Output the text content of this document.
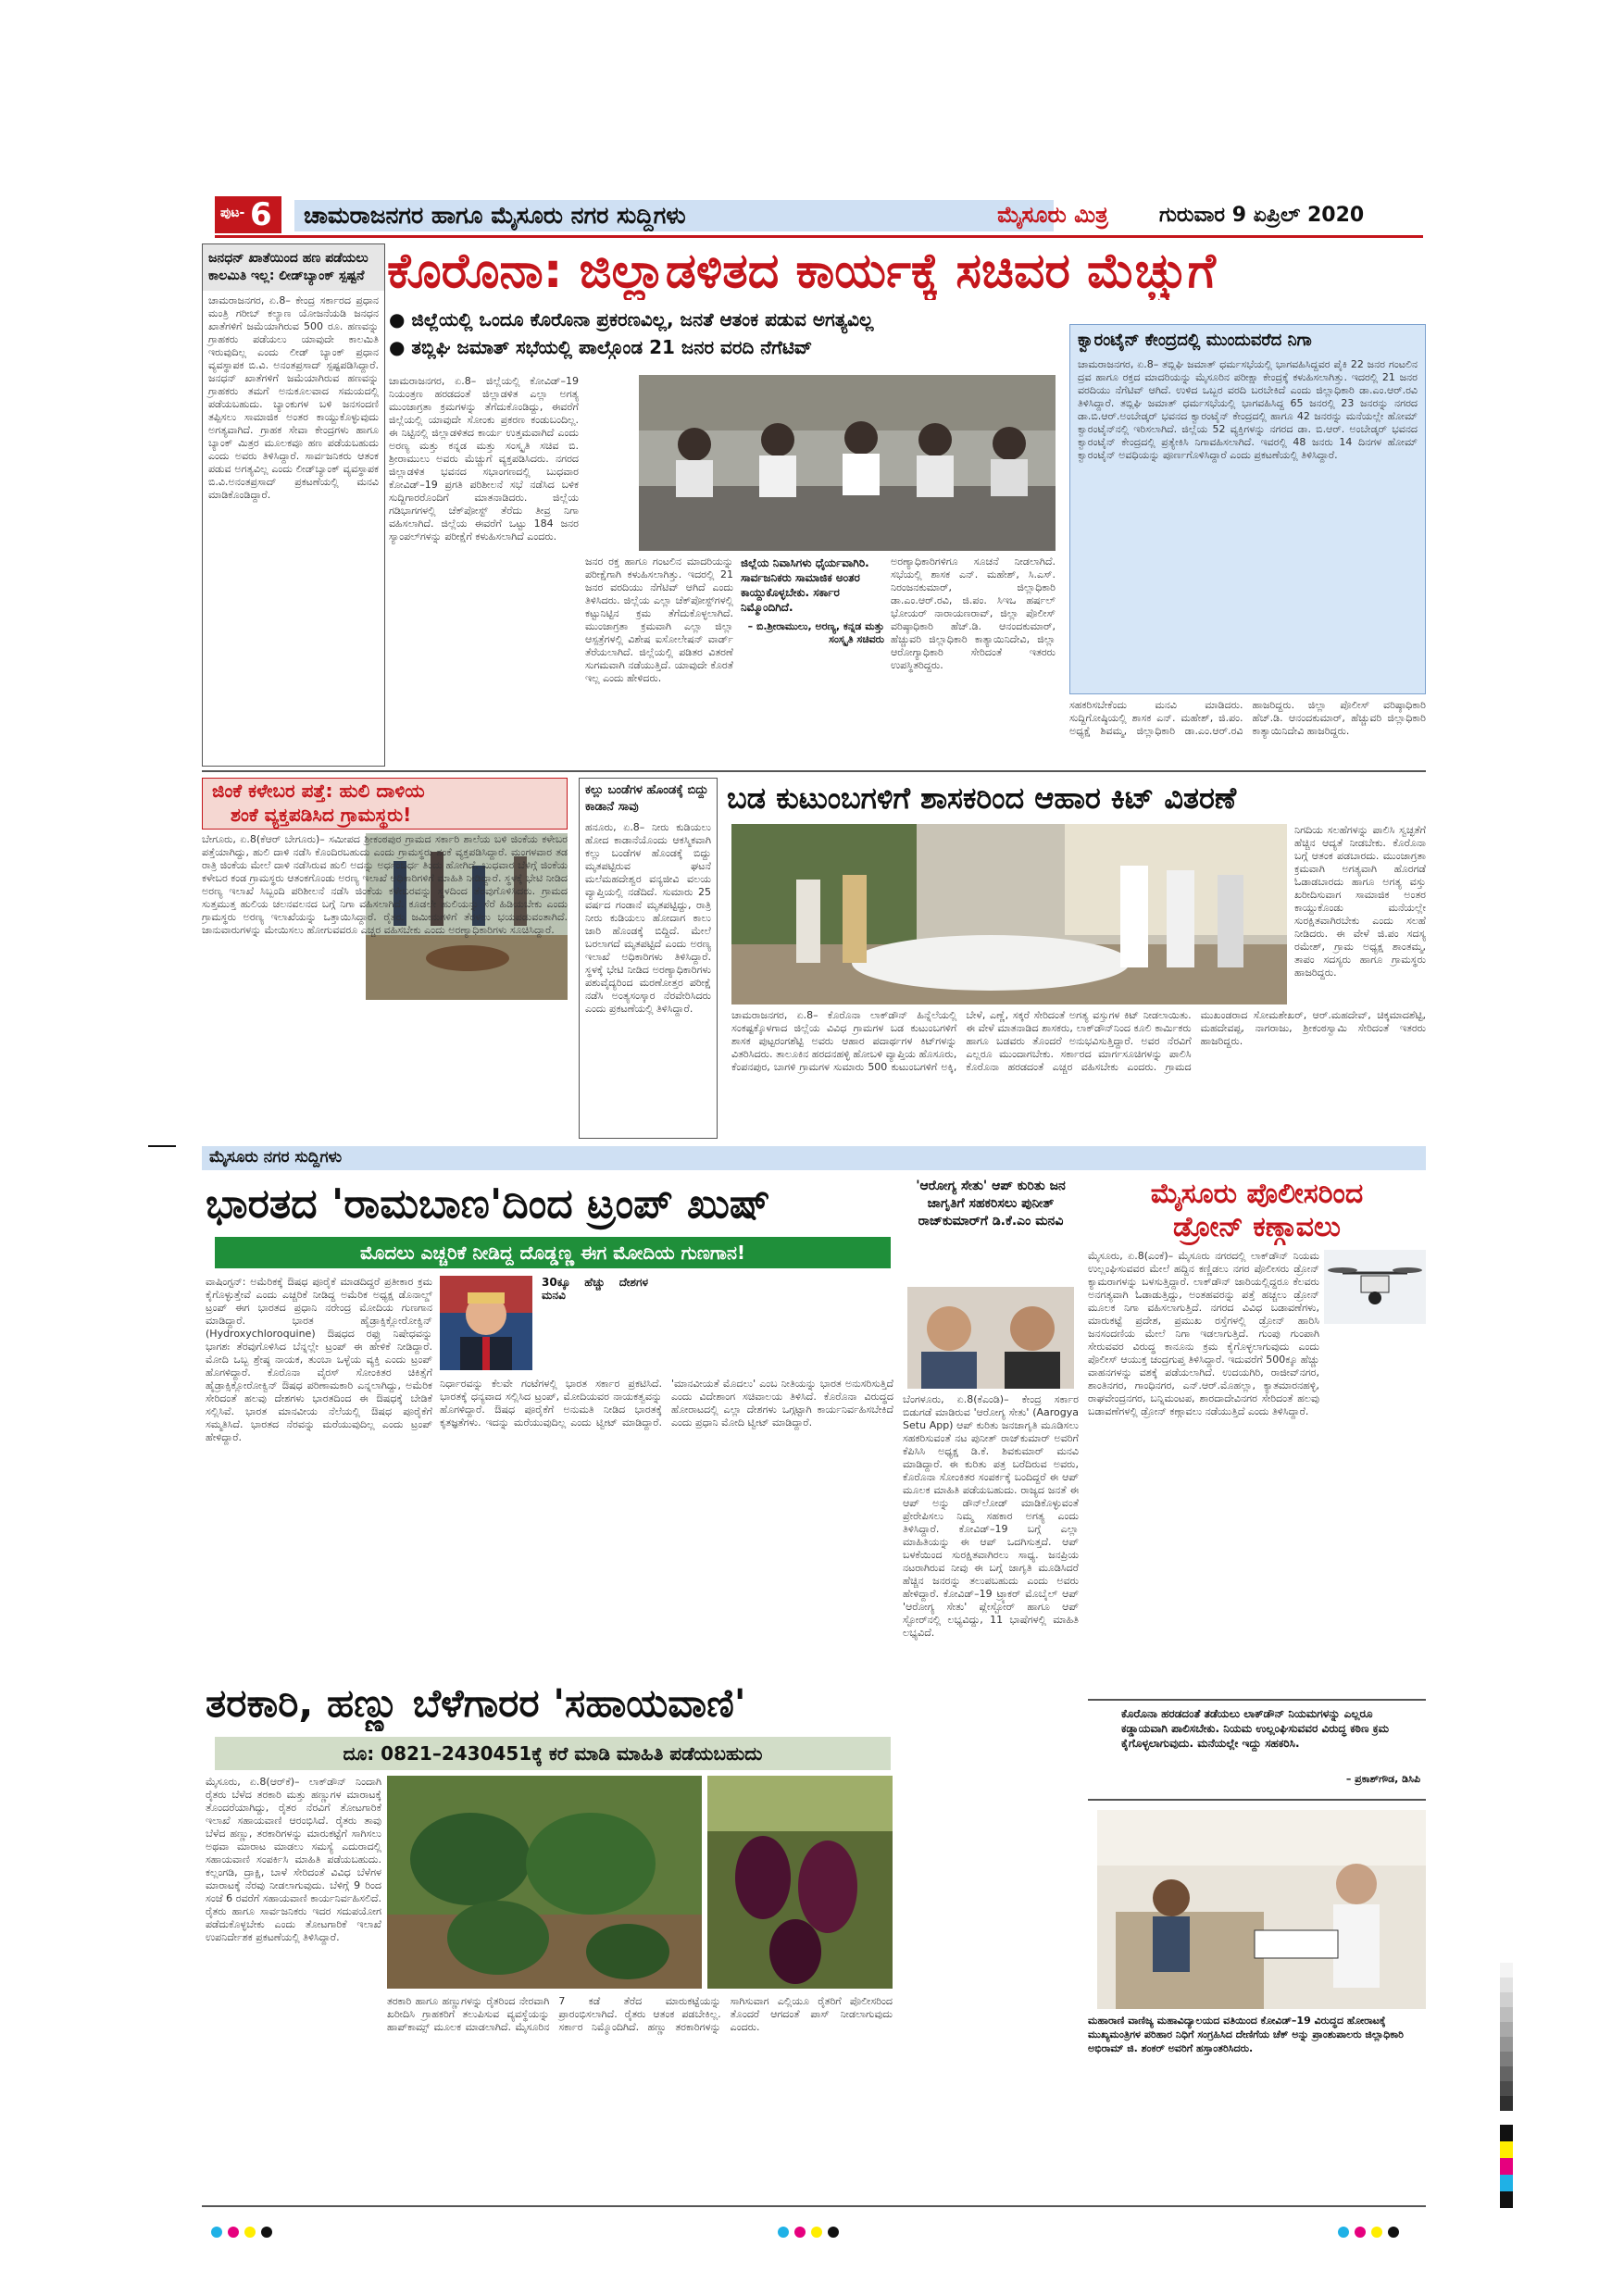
ಪುಟ- 6	ಚಾಮರಾಜನಗರ ಹಾಗೂ ಮೈಸೂರು ನಗರ ಸುದ್ದಿಗಳು	ಮೈಸೂರು ಮಿತ್ರ	ಗುರುವಾರ 9 ಏಪ್ರಿಲ್ 2020
ಜನಧನ್ ಖಾತೆಯಿಂದ ಹಣ ಪಡೆಯಲು ಕಾಲಮಿತಿ ಇಲ್ಲ: ಲೀಡ್‌ಬ್ಯಾಂಕ್ ಸ್ಪಷ್ಟನೆ
ಚಾಮರಾಜನಗರ, ಏ.8– ಕೇಂದ್ರ ಸರ್ಕಾರದ ಪ್ರಧಾನ ಮಂತ್ರಿ ಗರೀಬ್ ಕಲ್ಯಾಣ ಯೋಜನೆಯಡಿ ಜನಧನ ಖಾತೆಗಳಿಗೆ ಜಮೆಯಾಗಿರುವ 500 ರೂ. ಹಣವನ್ನು ಗ್ರಾಹಕರು ಪಡೆಯಲು ಯಾವುದೇ ಕಾಲಮಿತಿ ಇರುವುದಿಲ್ಲ ಎಂದು ಲೀಡ್ ಬ್ಯಾಂಕ್ ಪ್ರಧಾನ ವ್ಯವಸ್ಥಾಪಕ ಬಿ.ವಿ. ಅನಂತಪ್ರಸಾದ್ ಸ್ಪಷ್ಟಪಡಿಸಿದ್ದಾರೆ. ಜನಧನ್ ಖಾತೆಗಳಿಗೆ ಜಮೆಯಾಗಿರುವ ಹಣವನ್ನು ಗ್ರಾಹಕರು ತಮಗೆ ಅನುಕೂಲವಾದ ಸಮಯದಲ್ಲಿ ಪಡೆಯಬಹುದು. ಬ್ಯಾಂಕುಗಳ ಬಳಿ ಜನಸಂದಣಿ ತಪ್ಪಿಸಲು ಸಾಮಾಜಿಕ ಅಂತರ ಕಾಯ್ದುಕೊಳ್ಳುವುದು ಅಗತ್ಯವಾಗಿದೆ. ಗ್ರಾಹಕ ಸೇವಾ ಕೇಂದ್ರಗಳು ಹಾಗೂ ಬ್ಯಾಂಕ್ ಮಿತ್ರರ ಮೂಲಕವೂ ಹಣ ಪಡೆಯಬಹುದು ಎಂದು ಅವರು ತಿಳಿಸಿದ್ದಾರೆ. ಸಾರ್ವಜನಿಕರು ಆತಂಕ ಪಡುವ ಅಗತ್ಯವಿಲ್ಲ ಎಂದು ಲೀಡ್‌ಬ್ಯಾಂಕ್ ವ್ಯವಸ್ಥಾಪಕ ಬಿ.ವಿ.ಅನಂತಪ್ರಸಾದ್ ಪ್ರಕಟಣೆಯಲ್ಲಿ ಮನವಿ ಮಾಡಿಕೊಂಡಿದ್ದಾರೆ.
ಕೊರೊನಾ: ಜಿಲ್ಲಾಡಳಿತದ ಕಾರ್ಯಕ್ಕೆ ಸಚಿವರ ಮೆಚ್ಚುಗೆ
● ಜಿಲ್ಲೆಯಲ್ಲಿ ಒಂದೂ ಕೊರೊನಾ ಪ್ರಕರಣವಿಲ್ಲ, ಜನತೆ ಆತಂಕ ಪಡುವ ಅಗತ್ಯವಿಲ್ಲ
● ತಬ್ಲಿಘಿ ಜಮಾತ್ ಸಭೆಯಲ್ಲಿ ಪಾಲ್ಗೊಂಡ 21 ಜನರ ವರದಿ ನೆಗೆಟಿವ್
ಚಾಮರಾಜನಗರ, ಏ.8– ಜಿಲ್ಲೆಯಲ್ಲಿ ಕೋವಿಡ್–19 ನಿಯಂತ್ರಣ ಹರಡದಂತೆ ಜಿಲ್ಲಾಡಳಿತ ಎಲ್ಲಾ ಅಗತ್ಯ ಮುಂಜಾಗ್ರತಾ ಕ್ರಮಗಳನ್ನು ತೆಗೆದುಕೊಂಡಿದ್ದು, ಈವರೆಗೆ ಜಿಲ್ಲೆಯಲ್ಲಿ ಯಾವುದೇ ಸೋಂಕು ಪ್ರಕರಣ ಕಂಡುಬಂದಿಲ್ಲ. ಈ ನಿಟ್ಟಿನಲ್ಲಿ ಜಿಲ್ಲಾಡಳಿತದ ಕಾರ್ಯ ಉತ್ತಮವಾಗಿದೆ ಎಂದು ಅರಣ್ಯ ಮತ್ತು ಕನ್ನಡ ಮತ್ತು ಸಂಸ್ಕೃತಿ ಸಚಿವ ಬಿ. ಶ್ರೀರಾಮುಲು ಅವರು ಮೆಚ್ಚುಗೆ ವ್ಯಕ್ತಪಡಿಸಿದರು. ನಗರದ ಜಿಲ್ಲಾಡಳಿತ ಭವನದ ಸಭಾಂಗಣದಲ್ಲಿ ಬುಧವಾರ ಕೋವಿಡ್–19 ಪ್ರಗತಿ ಪರಿಶೀಲನೆ ಸಭೆ ನಡೆಸಿದ ಬಳಿಕ ಸುದ್ದಿಗಾರರೊಂದಿಗೆ ಮಾತನಾಡಿದರು. ಜಿಲ್ಲೆಯ ಗಡಿಭಾಗಗಳಲ್ಲಿ ಚೆಕ್‌ಪೋಸ್ಟ್ ತೆರೆದು ತೀವ್ರ ನಿಗಾ ವಹಿಸಲಾಗಿದೆ. ಜಿಲ್ಲೆಯ ಈವರೆಗೆ ಒಟ್ಟು 184 ಜನರ ಸ್ಯಾಂಪಲ್‌ಗಳನ್ನು ಪರೀಕ್ಷೆಗೆ ಕಳುಹಿಸಲಾಗಿದೆ ಎಂದರು.
ಜನರ ರಕ್ತ ಹಾಗೂ ಗಂಟಲಿನ ಮಾದರಿಯನ್ನು ಪರೀಕ್ಷೆಗಾಗಿ ಕಳುಹಿಸಲಾಗಿತ್ತು. ಇದರಲ್ಲಿ 21 ಜನರ ವರದಿಯು ನೆಗೆಟಿವ್ ಆಗಿದೆ ಎಂದು ತಿಳಿಸಿದರು. ಜಿಲ್ಲೆಯ ಎಲ್ಲಾ ಚೆಕ್‌ಪೋಸ್ಟ್‌ಗಳಲ್ಲಿ ಕಟ್ಟುನಿಟ್ಟಿನ ಕ್ರಮ ತೆಗೆದುಕೊಳ್ಳಲಾಗಿದೆ. ಮುಂಜಾಗ್ರತಾ ಕ್ರಮವಾಗಿ ಎಲ್ಲಾ ಜಿಲ್ಲಾ ಆಸ್ಪತ್ರೆಗಳಲ್ಲಿ ವಿಶೇಷ ಐಸೋಲೇಷನ್ ವಾರ್ಡ್ ತೆರೆಯಲಾಗಿದೆ. ಜಿಲ್ಲೆಯಲ್ಲಿ ಪಡಿತರ ವಿತರಣೆ ಸುಗಮವಾಗಿ ನಡೆಯುತ್ತಿದೆ. ಯಾವುದೇ ಕೊರತೆ ಇಲ್ಲ ಎಂದು ಹೇಳಿದರು.
ಜಿಲ್ಲೆಯ ನಿವಾಸಿಗಳು ಧೈರ್ಯವಾಗಿರಿ. ಸಾರ್ವಜನಿಕರು ಸಾಮಾಜಿಕ ಅಂತರ ಕಾಯ್ದುಕೊಳ್ಳಬೇಕು. ಸರ್ಕಾರ ನಿಮ್ಮೊಂದಿಗಿದೆ.
– ಬಿ.ಶ್ರೀರಾಮುಲು, ಅರಣ್ಯ, ಕನ್ನಡ ಮತ್ತು ಸಂಸ್ಕೃತಿ ಸಚಿವರು
ಅರಣ್ಯಾಧಿಕಾರಿಗಳಿಗೂ ಸೂಚನೆ ನೀಡಲಾಗಿದೆ. ಸಭೆಯಲ್ಲಿ ಶಾಸಕ ಎನ್. ಮಹೇಶ್, ಸಿ.ಎಸ್. ನಿರಂಜನಕುಮಾರ್, ಜಿಲ್ಲಾಧಿಕಾರಿ ಡಾ.ಎಂ.ಆರ್.ರವಿ, ಜಿ.ಪಂ. ಸಿಇಒ ಹರ್ಷಲ್ ಭೋಯರ್ ನಾರಾಯಣರಾವ್, ಜಿಲ್ಲಾ ಪೊಲೀಸ್ ವರಿಷ್ಠಾಧಿಕಾರಿ ಹೆಚ್.ಡಿ. ಆನಂದಕುಮಾರ್, ಹೆಚ್ಚುವರಿ ಜಿಲ್ಲಾಧಿಕಾರಿ ಕಾತ್ಯಾಯಿನಿದೇವಿ, ಜಿಲ್ಲಾ ಆರೋಗ್ಯಾಧಿಕಾರಿ ಸೇರಿದಂತೆ ಇತರರು ಉಪಸ್ಥಿತರಿದ್ದರು.
ಕ್ವಾರಂಟೈನ್ ಕೇಂದ್ರದಲ್ಲಿ ಮುಂದುವರೆದ ನಿಗಾ
ಚಾಮರಾಜನಗರ, ಏ.8– ತಬ್ಲಿಘಿ ಜಮಾತ್ ಧರ್ಮಸಭೆಯಲ್ಲಿ ಭಾಗವಹಿಸಿದ್ದವರ ಪೈಕಿ 22 ಜನರ ಗಂಟಲಿನ ದ್ರವ ಹಾಗೂ ರಕ್ತದ ಮಾದರಿಯನ್ನು ಮೈಸೂರಿನ ಪರೀಕ್ಷಾ ಕೇಂದ್ರಕ್ಕೆ ಕಳುಹಿಸಲಾಗಿತ್ತು. ಇದರಲ್ಲಿ 21 ಜನರ ವರದಿಯು ನೆಗೆಟಿವ್ ಆಗಿದೆ. ಉಳಿದ ಒಬ್ಬರ ವರದಿ ಬರಬೇಕಿದೆ ಎಂದು ಜಿಲ್ಲಾಧಿಕಾರಿ ಡಾ.ಎಂ.ಆರ್.ರವಿ ತಿಳಿಸಿದ್ದಾರೆ. ತಬ್ಲಿಘಿ ಜಮಾತ್ ಧರ್ಮಸಭೆಯಲ್ಲಿ ಭಾಗವಹಿಸಿದ್ದ 65 ಜನರಲ್ಲಿ 23 ಜನರನ್ನು ನಗರದ ಡಾ.ಬಿ.ಆರ್.ಅಂಬೇಡ್ಕರ್ ಭವನದ ಕ್ವಾರಂಟೈನ್ ಕೇಂದ್ರದಲ್ಲಿ ಹಾಗೂ 42 ಜನರನ್ನು ಮನೆಯಲ್ಲೇ ಹೋಮ್ ಕ್ವಾರಂಟೈನ್‌ನಲ್ಲಿ ಇರಿಸಲಾಗಿದೆ. ಜಿಲ್ಲೆಯ 52 ವ್ಯಕ್ತಿಗಳನ್ನು ನಗರದ ಡಾ. ಬಿ.ಆರ್. ಅಂಬೇಡ್ಕರ್ ಭವನದ ಕ್ವಾರಂಟೈನ್ ಕೇಂದ್ರದಲ್ಲಿ ಪ್ರತ್ಯೇಕಿಸಿ ನಿಗಾವಹಿಸಲಾಗಿದೆ. ಇವರಲ್ಲಿ 48 ಜನರು 14 ದಿನಗಳ ಹೋಮ್ ಕ್ವಾರಂಟೈನ್ ಅವಧಿಯನ್ನು ಪೂರ್ಣಗೊಳಿಸಿದ್ದಾರೆ ಎಂದು ಪ್ರಕಟಣೆಯಲ್ಲಿ ತಿಳಿಸಿದ್ದಾರೆ.
ಸಹಕರಿಸಬೇಕೆಂದು ಮನವಿ ಮಾಡಿದರು. ಸುದ್ದಿಗೋಷ್ಠಿಯಲ್ಲಿ ಶಾಸಕ ಎನ್. ಮಹೇಶ್, ಜಿ.ಪಂ. ಅಧ್ಯಕ್ಷೆ ಶಿವಮ್ಮ, ಜಿಲ್ಲಾಧಿಕಾರಿ ಡಾ.ಎಂ.ಆರ್.ರವಿ ಹಾಜರಿದ್ದರು. ಜಿಲ್ಲಾ ಪೊಲೀಸ್ ವರಿಷ್ಠಾಧಿಕಾರಿ ಹೆಚ್.ಡಿ. ಆನಂದಕುಮಾರ್, ಹೆಚ್ಚುವರಿ ಜಿಲ್ಲಾಧಿಕಾರಿ ಕಾತ್ಯಾಯಿನಿದೇವಿ ಹಾಜರಿದ್ದರು.
ಜಿಂಕೆ ಕಳೇಬರ ಪತ್ತೆ: ಹುಲಿ ದಾಳಿಯ
ಶಂಕೆ ವ್ಯಕ್ತಪಡಿಸಿದ ಗ್ರಾಮಸ್ಥರು!
ಬೇಗೂರು, ಏ.8(ಕೆಆರ್ ಬೇಗೂರು)– ಸಮೀಪದ ಶ್ರೀಕಂಠಪುರ ಗ್ರಾಮದ ಸರ್ಕಾರಿ ಶಾಲೆಯ ಬಳಿ ಜಿಂಕೆಯ ಕಳೇಬರ ಪತ್ತೆಯಾಗಿದ್ದು, ಹುಲಿ ದಾಳಿ ನಡೆಸಿ ಕೊಂದಿರಬಹುದು ಎಂದು ಗ್ರಾಮಸ್ಥರು ಶಂಕೆ ವ್ಯಕ್ತಪಡಿಸಿದ್ದಾರೆ. ಮಂಗಳವಾರ ತಡ ರಾತ್ರಿ ಜಿಂಕೆಯ ಮೇಲೆ ದಾಳಿ ನಡೆಸಿರುವ ಹುಲಿ ಅದನ್ನು ಅರ್ಧಂಬರ್ಧ ತಿಂದು ಹೋಗಿದೆ. ಬುಧವಾರ ಬೆಳಿಗ್ಗೆ ಜಿಂಕೆಯ ಕಳೇಬರ ಕಂಡ ಗ್ರಾಮಸ್ಥರು ಆತಂಕಗೊಂಡು ಅರಣ್ಯ ಇಲಾಖೆ ಅಧಿಕಾರಿಗಳಿಗೆ ಮಾಹಿತಿ ನೀಡಿದ್ದಾರೆ. ಸ್ಥಳಕ್ಕೆ ಭೇಟಿ ನೀಡಿದ ಅರಣ್ಯ ಇಲಾಖೆ ಸಿಬ್ಬಂದಿ ಪರಿಶೀಲನೆ ನಡೆಸಿ ಜಿಂಕೆಯ ಕಳೇಬರವನ್ನು ಸ್ಥಳದಿಂದ ತೆರವುಗೊಳಿಸಿದರು. ಗ್ರಾಮದ ಸುತ್ತಮುತ್ತ ಹುಲಿಯ ಚಲನವಲನದ ಬಗ್ಗೆ ನಿಗಾ ವಹಿಸಲಾಗಿದೆ. ಕೂಡಲೇ ಹುಲಿಯನ್ನು ಸೆರೆ ಹಿಡಿಯಬೇಕು ಎಂದು ಗ್ರಾಮಸ್ಥರು ಅರಣ್ಯ ಇಲಾಖೆಯನ್ನು ಒತ್ತಾಯಿಸಿದ್ದಾರೆ. ರೈತರು ಜಮೀನುಗಳಿಗೆ ತೆರಳಲು ಭಯಪಡುವಂತಾಗಿದೆ. ಜಾನುವಾರುಗಳನ್ನು ಮೇಯಿಸಲು ಹೋಗುವವರೂ ಎಚ್ಚರ ವಹಿಸಬೇಕು ಎಂದು ಅರಣ್ಯಾಧಿಕಾರಿಗಳು ಸೂಚಿಸಿದ್ದಾರೆ.
ಕಲ್ಲು ಬಂಡೆಗಳ ಹೊಂಡಕ್ಕೆ ಬಿದ್ದು ಕಾಡಾನೆ ಸಾವು
ಹನೂರು, ಏ.8– ನೀರು ಕುಡಿಯಲು ಹೋದ ಕಾಡಾನೆಯೊಂದು ಆಕಸ್ಮಿಕವಾಗಿ ಕಲ್ಲು ಬಂಡೆಗಳ ಹೊಂಡಕ್ಕೆ ಬಿದ್ದು ಮೃತಪಟ್ಟಿರುವ ಘಟನೆ ಮಲೆಮಹದೇಶ್ವರ ವನ್ಯಜೀವಿ ವಲಯ ವ್ಯಾಪ್ತಿಯಲ್ಲಿ ನಡೆದಿದೆ. ಸುಮಾರು 25 ವರ್ಷದ ಗಂಡಾನೆ ಮೃತಪಟ್ಟಿದ್ದು, ರಾತ್ರಿ ನೀರು ಕುಡಿಯಲು ಹೋದಾಗ ಕಾಲು ಜಾರಿ ಹೊಂಡಕ್ಕೆ ಬಿದ್ದಿದೆ. ಮೇಲೆ ಬರಲಾಗದೆ ಮೃತಪಟ್ಟಿದೆ ಎಂದು ಅರಣ್ಯ ಇಲಾಖೆ ಅಧಿಕಾರಿಗಳು ತಿಳಿಸಿದ್ದಾರೆ. ಸ್ಥಳಕ್ಕೆ ಭೇಟಿ ನೀಡಿದ ಅರಣ್ಯಾಧಿಕಾರಿಗಳು ಪಶುವೈದ್ಯರಿಂದ ಮರಣೋತ್ತರ ಪರೀಕ್ಷೆ ನಡೆಸಿ ಅಂತ್ಯಸಂಸ್ಕಾರ ನೆರವೇರಿಸಿದರು ಎಂದು ಪ್ರಕಟಣೆಯಲ್ಲಿ ತಿಳಿಸಿದ್ದಾರೆ.
ಬಡ ಕುಟುಂಬಗಳಿಗೆ ಶಾಸಕರಿಂದ ಆಹಾರ ಕಿಟ್ ವಿತರಣೆ
ನಿಗದಿಯ ಸಲಹೆಗಳನ್ನು ಪಾಲಿಸಿ ಸ್ವಚ್ಛತೆಗೆ ಹೆಚ್ಚಿನ ಆದ್ಯತೆ ನೀಡಬೇಕು. ಕೊರೊನಾ ಬಗ್ಗೆ ಆತಂಕ ಪಡಬಾರದು. ಮುಂಜಾಗ್ರತಾ ಕ್ರಮವಾಗಿ ಅಗತ್ಯವಾಗಿ ಹೊರಗಡೆ ಓಡಾಡಬಾರದು ಹಾಗೂ ಅಗತ್ಯ ವಸ್ತು ಖರೀದಿಸುವಾಗ ಸಾಮಾಜಿಕ ಅಂತರ ಕಾಯ್ದುಕೊಂಡು ಮನೆಯಲ್ಲೇ ಸುರಕ್ಷಿತವಾಗಿರಬೇಕು ಎಂದು ಸಲಹೆ ನೀಡಿದರು. ಈ ವೇಳೆ ಜಿ.ಪಂ ಸದಸ್ಯ ರಮೇಶ್, ಗ್ರಾಮ ಅಧ್ಯಕ್ಷ ಶಾಂತಮ್ಮ, ತಾಪಂ ಸದಸ್ಯರು ಹಾಗೂ ಗ್ರಾಮಸ್ಥರು ಹಾಜರಿದ್ದರು.
ಚಾಮರಾಜನಗರ, ಏ.8– ಕೊರೊನಾ ಲಾಕ್‌ಡೌನ್ ಹಿನ್ನೆಲೆಯಲ್ಲಿ ಸಂಕಷ್ಟಕ್ಕೊಳಗಾದ ಜಿಲ್ಲೆಯ ವಿವಿಧ ಗ್ರಾಮಗಳ ಬಡ ಕುಟುಂಬಗಳಿಗೆ ಶಾಸಕ ಪುಟ್ಟರಂಗಶೆಟ್ಟಿ ಅವರು ಆಹಾರ ಪದಾರ್ಥಗಳ ಕಿಟ್‌ಗಳನ್ನು ವಿತರಿಸಿದರು. ತಾಲೂಕಿನ ಹರದನಹಳ್ಳಿ ಹೋಬಳಿ ವ್ಯಾಪ್ತಿಯ ಹೊಸೂರು, ಕೆಂಪನಪುರ, ಬಾಗಳಿ ಗ್ರಾಮಗಳ ಸುಮಾರು 500 ಕುಟುಂಬಗಳಿಗೆ ಅಕ್ಕಿ, ಬೇಳೆ, ಎಣ್ಣೆ, ಸಕ್ಕರೆ ಸೇರಿದಂತೆ ಅಗತ್ಯ ವಸ್ತುಗಳ ಕಿಟ್ ನೀಡಲಾಯಿತು. ಈ ವೇಳೆ ಮಾತನಾಡಿದ ಶಾಸಕರು, ಲಾಕ್‌ಡೌನ್‌ನಿಂದ ಕೂಲಿ ಕಾರ್ಮಿಕರು ಹಾಗೂ ಬಡವರು ತೊಂದರೆ ಅನುಭವಿಸುತ್ತಿದ್ದಾರೆ. ಅವರ ನೆರವಿಗೆ ಎಲ್ಲರೂ ಮುಂದಾಗಬೇಕು. ಸರ್ಕಾರದ ಮಾರ್ಗಸೂಚಿಗಳನ್ನು ಪಾಲಿಸಿ ಕೊರೊನಾ ಹರಡದಂತೆ ಎಚ್ಚರ ವಹಿಸಬೇಕು ಎಂದರು. ಗ್ರಾಮದ ಮುಖಂಡರಾದ ಸೋಮಶೇಖರ್, ಆರ್.ಮಹದೇವ್, ಚಿಕ್ಕಮಾದಶೆಟ್ಟಿ, ಮಹದೇವಪ್ಪ, ನಾಗರಾಜು, ಶ್ರೀಕಂಠಸ್ವಾಮಿ ಸೇರಿದಂತೆ ಇತರರು ಹಾಜರಿದ್ದರು.
ಮೈಸೂರು ನಗರ ಸುದ್ದಿಗಳು
ಭಾರತದ 'ರಾಮಬಾಣ'ದಿಂದ ಟ್ರಂಪ್ ಖುಷ್
ಮೊದಲು ಎಚ್ಚರಿಕೆ ನೀಡಿದ್ದ ದೊಡ್ಡಣ್ಣ ಈಗ ಮೋದಿಯ ಗುಣಗಾನ!
ವಾಷಿಂಗ್ಟನ್: ಅಮೆರಿಕಕ್ಕೆ ಔಷಧ ಪೂರೈಕೆ ಮಾಡದಿದ್ದರೆ ಪ್ರತೀಕಾರ ಕ್ರಮ ಕೈಗೊಳ್ಳುತ್ತೇವೆ ಎಂದು ಎಚ್ಚರಿಕೆ ನೀಡಿದ್ದ ಅಮೆರಿಕ ಅಧ್ಯಕ್ಷ ಡೊನಾಲ್ಡ್ ಟ್ರಂಪ್ ಈಗ ಭಾರತದ ಪ್ರಧಾನಿ ನರೇಂದ್ರ ಮೋದಿಯ ಗುಣಗಾನ ಮಾಡಿದ್ದಾರೆ. ಭಾರತ ಹೈಡ್ರಾಕ್ಸಿಕ್ಲೋರೋಕ್ವಿನ್ (Hydroxychloroquine) ಔಷಧದ ರಫ್ತು ನಿಷೇಧವನ್ನು ಭಾಗಶಃ ತೆರವುಗೊಳಿಸಿದ ಬೆನ್ನಲ್ಲೇ ಟ್ರಂಪ್ ಈ ಹೇಳಿಕೆ ನೀಡಿದ್ದಾರೆ. ಮೋದಿ ಒಬ್ಬ ಶ್ರೇಷ್ಠ ನಾಯಕ, ತುಂಬಾ ಒಳ್ಳೆಯ ವ್ಯಕ್ತಿ ಎಂದು ಟ್ರಂಪ್ ಹೊಗಳಿದ್ದಾರೆ. ಕೊರೊನಾ ವೈರಸ್ ಸೋಂಕಿತರ ಚಿಕಿತ್ಸೆಗೆ ಹೈಡ್ರಾಕ್ಸಿಕ್ಲೋರೋಕ್ವಿನ್ ಔಷಧ ಪರಿಣಾಮಕಾರಿ ಎನ್ನಲಾಗಿದ್ದು, ಅಮೆರಿಕ ಸೇರಿದಂತೆ ಹಲವು ದೇಶಗಳು ಭಾರತದಿಂದ ಈ ಔಷಧಕ್ಕೆ ಬೇಡಿಕೆ ಸಲ್ಲಿಸಿವೆ. ಭಾರತ ಮಾನವೀಯ ನೆಲೆಯಲ್ಲಿ ಔಷಧ ಪೂರೈಕೆಗೆ ಸಮ್ಮತಿಸಿದೆ. ಭಾರತದ ನೆರವನ್ನು ಮರೆಯುವುದಿಲ್ಲ ಎಂದು ಟ್ರಂಪ್ ಹೇಳಿದ್ದಾರೆ.
30ಕ್ಕೂ ಹೆಚ್ಚು ದೇಶಗಳ ಮನವಿ
ನಿರ್ಧಾರವನ್ನು ಕೆಲವೇ ಗಂಟೆಗಳಲ್ಲಿ ಭಾರತ ಸರ್ಕಾರ ಪ್ರಕಟಿಸಿದೆ. ಭಾರತಕ್ಕೆ ಧನ್ಯವಾದ ಸಲ್ಲಿಸಿದ ಟ್ರಂಪ್, ಮೋದಿಯವರ ನಾಯಕತ್ವವನ್ನು ಹೊಗಳಿದ್ದಾರೆ. ಔಷಧ ಪೂರೈಕೆಗೆ ಅನುಮತಿ ನೀಡಿದ ಭಾರತಕ್ಕೆ ಕೃತಜ್ಞತೆಗಳು. ಇದನ್ನು ಮರೆಯುವುದಿಲ್ಲ ಎಂದು ಟ್ವೀಟ್ ಮಾಡಿದ್ದಾರೆ. 'ಮಾನವೀಯತೆ ಮೊದಲು' ಎಂಬ ನೀತಿಯನ್ನು ಭಾರತ ಅನುಸರಿಸುತ್ತಿದೆ ಎಂದು ವಿದೇಶಾಂಗ ಸಚಿವಾಲಯ ತಿಳಿಸಿದೆ. ಕೊರೊನಾ ವಿರುದ್ಧದ ಹೋರಾಟದಲ್ಲಿ ಎಲ್ಲಾ ದೇಶಗಳು ಒಗ್ಗಟ್ಟಾಗಿ ಕಾರ್ಯನಿರ್ವಹಿಸಬೇಕಿದೆ ಎಂದು ಪ್ರಧಾನಿ ಮೋದಿ ಟ್ವೀಟ್ ಮಾಡಿದ್ದಾರೆ.
'ಆರೋಗ್ಯ ಸೇತು' ಆಪ್ ಕುರಿತು ಜನ ಜಾಗೃತಿಗೆ ಸಹಕರಿಸಲು ಪುನೀತ್ ರಾಜ್‌ಕುಮಾರ್‌ಗೆ ಡಿ.ಕೆ.ಎಂ ಮನವಿ
ಬೆಂಗಳೂರು, ಏ.8(ಕೆಎಂಡಿ)– ಕೇಂದ್ರ ಸರ್ಕಾರ ಬಿಡುಗಡೆ ಮಾಡಿರುವ 'ಆರೋಗ್ಯ ಸೇತು' (Aarogya Setu App) ಆಪ್ ಕುರಿತು ಜನಜಾಗೃತಿ ಮೂಡಿಸಲು ಸಹಕರಿಸುವಂತೆ ನಟ ಪುನೀತ್ ರಾಜ್‌ಕುಮಾರ್ ಅವರಿಗೆ ಕೆಪಿಸಿಸಿ ಅಧ್ಯಕ್ಷ ಡಿ.ಕೆ. ಶಿವಕುಮಾರ್ ಮನವಿ ಮಾಡಿದ್ದಾರೆ. ಈ ಕುರಿತು ಪತ್ರ ಬರೆದಿರುವ ಅವರು, ಕೊರೊನಾ ಸೋಂಕಿತರ ಸಂಪರ್ಕಕ್ಕೆ ಬಂದಿದ್ದರೆ ಈ ಆಪ್ ಮೂಲಕ ಮಾಹಿತಿ ಪಡೆಯಬಹುದು. ರಾಜ್ಯದ ಜನತೆ ಈ ಆಪ್ ಅನ್ನು ಡೌನ್‌ಲೋಡ್ ಮಾಡಿಕೊಳ್ಳುವಂತೆ ಪ್ರೇರೇಪಿಸಲು ನಿಮ್ಮ ಸಹಕಾರ ಅಗತ್ಯ ಎಂದು ತಿಳಿಸಿದ್ದಾರೆ. ಕೋವಿಡ್–19 ಬಗ್ಗೆ ಎಲ್ಲಾ ಮಾಹಿತಿಯನ್ನು ಈ ಆಪ್ ಒದಗಿಸುತ್ತದೆ. ಆಪ್ ಬಳಕೆಯಿಂದ ಸುರಕ್ಷಿತವಾಗಿರಲು ಸಾಧ್ಯ. ಜನಪ್ರಿಯ ನಟರಾಗಿರುವ ನೀವು ಈ ಬಗ್ಗೆ ಜಾಗೃತಿ ಮೂಡಿಸಿದರೆ ಹೆಚ್ಚಿನ ಜನರನ್ನು ತಲುಪಬಹುದು ಎಂದು ಅವರು ಹೇಳಿದ್ದಾರೆ. ಕೋವಿಡ್–19 ಟ್ರ್ಯಾಕರ್ ಮೊಬೈಲ್ ಆಪ್ 'ಆರೋಗ್ಯ ಸೇತು' ಪ್ಲೇಸ್ಟೋರ್ ಹಾಗೂ ಆಪ್ ಸ್ಟೋರ್‌ನಲ್ಲಿ ಲಭ್ಯವಿದ್ದು, 11 ಭಾಷೆಗಳಲ್ಲಿ ಮಾಹಿತಿ ಲಭ್ಯವಿದೆ.
ಮೈಸೂರು ಪೊಲೀಸರಿಂದ
ಡ್ರೋನ್ ಕಣ್ಗಾವಲು
ಮೈಸೂರು, ಏ.8(ಎಂಕೆ)– ಮೈಸೂರು ನಗರದಲ್ಲಿ ಲಾಕ್‌ಡೌನ್ ನಿಯಮ ಉಲ್ಲಂಘಿಸುವವರ ಮೇಲೆ ಹದ್ದಿನ ಕಣ್ಣಿಡಲು ನಗರ ಪೊಲೀಸರು ಡ್ರೋನ್ ಕ್ಯಾಮರಾಗಳನ್ನು ಬಳಸುತ್ತಿದ್ದಾರೆ. ಲಾಕ್‌ಡೌನ್ ಜಾರಿಯಲ್ಲಿದ್ದರೂ ಕೆಲವರು ಅನಗತ್ಯವಾಗಿ ಓಡಾಡುತ್ತಿದ್ದು, ಅಂತಹವರನ್ನು ಪತ್ತೆ ಹಚ್ಚಲು ಡ್ರೋನ್ ಮೂಲಕ ನಿಗಾ ವಹಿಸಲಾಗುತ್ತಿದೆ. ನಗರದ ವಿವಿಧ ಬಡಾವಣೆಗಳು, ಮಾರುಕಟ್ಟೆ ಪ್ರದೇಶ, ಪ್ರಮುಖ ರಸ್ತೆಗಳಲ್ಲಿ ಡ್ರೋನ್ ಹಾರಿಸಿ ಜನಸಂದಣಿಯ ಮೇಲೆ ನಿಗಾ ಇಡಲಾಗುತ್ತಿದೆ. ಗುಂಪು ಗುಂಪಾಗಿ ಸೇರುವವರ ವಿರುದ್ಧ ಕಾನೂನು ಕ್ರಮ ಕೈಗೊಳ್ಳಲಾಗುವುದು ಎಂದು ಪೊಲೀಸ್ ಆಯುಕ್ತ ಚಂದ್ರಗುಪ್ತ ತಿಳಿಸಿದ್ದಾರೆ. ಇದುವರೆಗೆ 500ಕ್ಕೂ ಹೆಚ್ಚು ವಾಹನಗಳನ್ನು ವಶಕ್ಕೆ ಪಡೆಯಲಾಗಿದೆ. ಉದಯಗಿರಿ, ರಾಜೀವ್‌ನಗರ, ಶಾಂತಿನಗರ, ಗಾಂಧಿನಗರ, ಎನ್.ಆರ್.ಮೊಹಲ್ಲಾ, ಕ್ಯಾತಮಾರನಹಳ್ಳಿ, ರಾಘವೇಂದ್ರನಗರ, ಬನ್ನಿಮಂಟಪ, ಶಾರದಾದೇವಿನಗರ ಸೇರಿದಂತೆ ಹಲವು ಬಡಾವಣೆಗಳಲ್ಲಿ ಡ್ರೋನ್ ಕಣ್ಗಾವಲು ನಡೆಯುತ್ತಿದೆ ಎಂದು ತಿಳಿಸಿದ್ದಾರೆ.
ಕೊರೊನಾ ಹರಡದಂತೆ ತಡೆಯಲು ಲಾಕ್‌ಡೌನ್ ನಿಯಮಗಳನ್ನು ಎಲ್ಲರೂ ಕಡ್ಡಾಯವಾಗಿ ಪಾಲಿಸಬೇಕು. ನಿಯಮ ಉಲ್ಲಂಘಿಸುವವರ ವಿರುದ್ಧ ಕಠಿಣ ಕ್ರಮ ಕೈಗೊಳ್ಳಲಾಗುವುದು. ಮನೆಯಲ್ಲೇ ಇದ್ದು ಸಹಕರಿಸಿ.
– ಪ್ರಕಾಶ್‌ಗೌಡ, ಡಿಸಿಪಿ
ಮಹಾರಾಣಿ ವಾಣಿಜ್ಯ ಮಹಾವಿದ್ಯಾಲಯದ ವತಿಯಿಂದ ಕೋವಿಡ್–19 ವಿರುದ್ಧದ ಹೋರಾಟಕ್ಕೆ ಮುಖ್ಯಮಂತ್ರಿಗಳ ಪರಿಹಾರ ನಿಧಿಗೆ ಸಂಗ್ರಹಿಸಿದ ದೇಣಿಗೆಯ ಚೆಕ್ ಅನ್ನು ಪ್ರಾಂಶುಪಾಲರು ಜಿಲ್ಲಾಧಿಕಾರಿ ಅಭಿರಾಮ್ ಜಿ. ಶಂಕರ್ ಅವರಿಗೆ ಹಸ್ತಾಂತರಿಸಿದರು.
ತರಕಾರಿ, ಹಣ್ಣು ಬೆಳೆಗಾರರ 'ಸಹಾಯವಾಣಿ'
ದೂ: 0821–2430451ಕ್ಕೆ ಕರೆ ಮಾಡಿ ಮಾಹಿತಿ ಪಡೆಯಬಹುದು
ಮೈಸೂರು, ಏ.8(ಆರ್‌ಕೆ)– ಲಾಕ್‌ಡೌನ್ ನಿಂದಾಗಿ ರೈತರು ಬೆಳೆದ ತರಕಾರಿ ಮತ್ತು ಹಣ್ಣುಗಳ ಮಾರಾಟಕ್ಕೆ ತೊಂದರೆಯಾಗಿದ್ದು, ರೈತರ ನೆರವಿಗೆ ತೋಟಗಾರಿಕೆ ಇಲಾಖೆ ಸಹಾಯವಾಣಿ ಆರಂಭಿಸಿದೆ. ರೈತರು ತಾವು ಬೆಳೆದ ಹಣ್ಣು, ತರಕಾರಿಗಳನ್ನು ಮಾರುಕಟ್ಟೆಗೆ ಸಾಗಿಸಲು ಅಥವಾ ಮಾರಾಟ ಮಾಡಲು ಸಮಸ್ಯೆ ಎದುರಾದಲ್ಲಿ ಸಹಾಯವಾಣಿ ಸಂಪರ್ಕಿಸಿ ಮಾಹಿತಿ ಪಡೆಯಬಹುದು. ಕಲ್ಲಂಗಡಿ, ದ್ರಾಕ್ಷಿ, ಬಾಳೆ ಸೇರಿದಂತೆ ವಿವಿಧ ಬೆಳೆಗಳ ಮಾರಾಟಕ್ಕೆ ನೆರವು ನೀಡಲಾಗುವುದು. ಬೆಳಿಗ್ಗೆ 9 ರಿಂದ ಸಂಜೆ 6 ರವರೆಗೆ ಸಹಾಯವಾಣಿ ಕಾರ್ಯನಿರ್ವಹಿಸಲಿದೆ. ರೈತರು ಹಾಗೂ ಸಾರ್ವಜನಿಕರು ಇದರ ಸದುಪಯೋಗ ಪಡೆದುಕೊಳ್ಳಬೇಕು ಎಂದು ತೋಟಗಾರಿಕೆ ಇಲಾಖೆ ಉಪನಿರ್ದೇಶಕ ಪ್ರಕಟಣೆಯಲ್ಲಿ ತಿಳಿಸಿದ್ದಾರೆ.
ತರಕಾರಿ ಹಾಗೂ ಹಣ್ಣುಗಳನ್ನು ರೈತರಿಂದ ನೇರವಾಗಿ ಖರೀದಿಸಿ ಗ್ರಾಹಕರಿಗೆ ತಲುಪಿಸುವ ವ್ಯವಸ್ಥೆಯನ್ನು ಹಾಪ್‌ಕಾಮ್ಸ್ ಮೂಲಕ ಮಾಡಲಾಗಿದೆ. ಮೈಸೂರಿನ 7 ಕಡೆ ತೆರೆದ ಮಾರುಕಟ್ಟೆಯನ್ನು ಪ್ರಾರಂಭಿಸಲಾಗಿದೆ. ರೈತರು ಆತಂಕ ಪಡಬೇಕಿಲ್ಲ. ಸರ್ಕಾರ ನಿಮ್ಮೊಂದಿಗಿದೆ. ಹಣ್ಣು ತರಕಾರಿಗಳನ್ನು ಸಾಗಿಸುವಾಗ ಎಲ್ಲಿಯೂ ರೈತರಿಗೆ ಪೊಲೀಸರಿಂದ ತೊಂದರೆ ಆಗದಂತೆ ಪಾಸ್ ನೀಡಲಾಗುವುದು ಎಂದರು.
